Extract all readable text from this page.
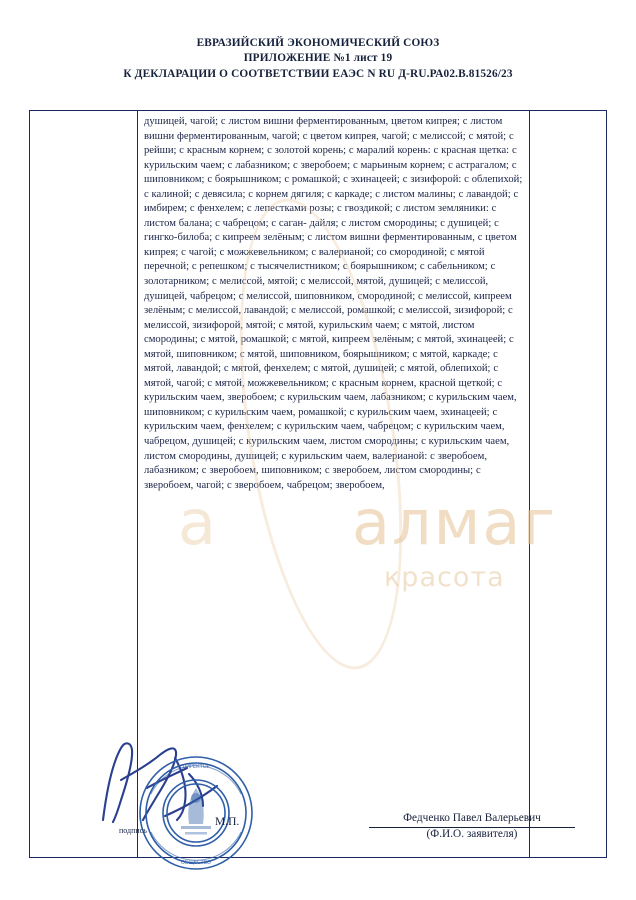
ЕВРАЗИЙСКИЙ ЭКОНОМИЧЕСКИЙ СОЮЗ
ПРИЛОЖЕНИЕ №1 лист 19
К ДЕКЛАРАЦИИ О СООТВЕТСТВИИ ЕАЭС N RU Д-RU.РА02.В.81526/23
а алмаг
красота
душицей, чагой; с листом вишни ферментированным, цветом кипрея; с листом вишни ферментированным, чагой; с цветом кипрея, чагой; с мелиссой; с мятой; с рейши; с красным корнем; с золотой корень; с маралий корень: с красная щетка: с курильским чаем; с лабазником; с зверобоем; с марьиным корнем; с астрагалом; с шиповником; с боярышником; с ромашкой; с эхинацеей; с зизифорой: с облепихой; с калиной; с девясила; с корнем дягиля; с каркаде; с листом малины; с лавандой; с имбирем; с фенхелем; с лепестками розы; с гвоздикой; с листом земляники: с листом балана; с чабрецом; с саган- дайля; с листом смородины; с душицей; с гингко-билоба; с кипреем зелёным; с листом вишни ферментированным, с цветом кипрея; с чагой; с можжевельником; с валерианой; со смородиной; с мятой перечной; с репешком; с тысячелистником; с боярышником; с сабельником; с золотарником; с мелиссой, мятой; с мелиссой, мятой, душицей; с мелиссой, душицей, чабрецом; с мелиссой, шиповником, смородиной; с мелиссой, кипреем зелёным; с мелиссой, лавандой; с мелиссой, ромашкой; с мелиссой, зизифорой; с мелиссой, зизифорой, мятой; с мятой, курильским чаем; с мятой, листом смородины; с мятой, ромашкой; с мятой, кипреем зелёным; с мятой, эхинацеей; с мятой, шиповником; с мятой, шиповником, боярышником; с мятой, каркаде; с мятой, лавандой; с мятой, фенхелем; с мятой, душицей; с мятой, облепихой; с мятой, чагой; с мятой, можжевельником; с красным корнем, красной щеткой; с курильским чаем, зверобоем; с курильским чаем, лабазником; с курильским чаем, шиповником; с курильским чаем, ромашкой; с курильским чаем, эхинацеей; с курильским чаем, фенхелем; с курильским чаем, чабрецом; с курильским чаем, чабрецом, душицей; с курильским чаем, листом смородины; с курильским чаем, листом смородины, душицей; с курильским чаем, валерианой: с зверобоем, лабазником; с зверобоем, шиповником; с зверобоем, листом смородины; с зверобоем, чагой; с зверобоем, чабрецом; зверобоем,
ДИРЕКТОР
ОБЩЕСТВО
подпись
М.П.	Федченко Павел Валерьевич
(Ф.И.О. заявителя)
